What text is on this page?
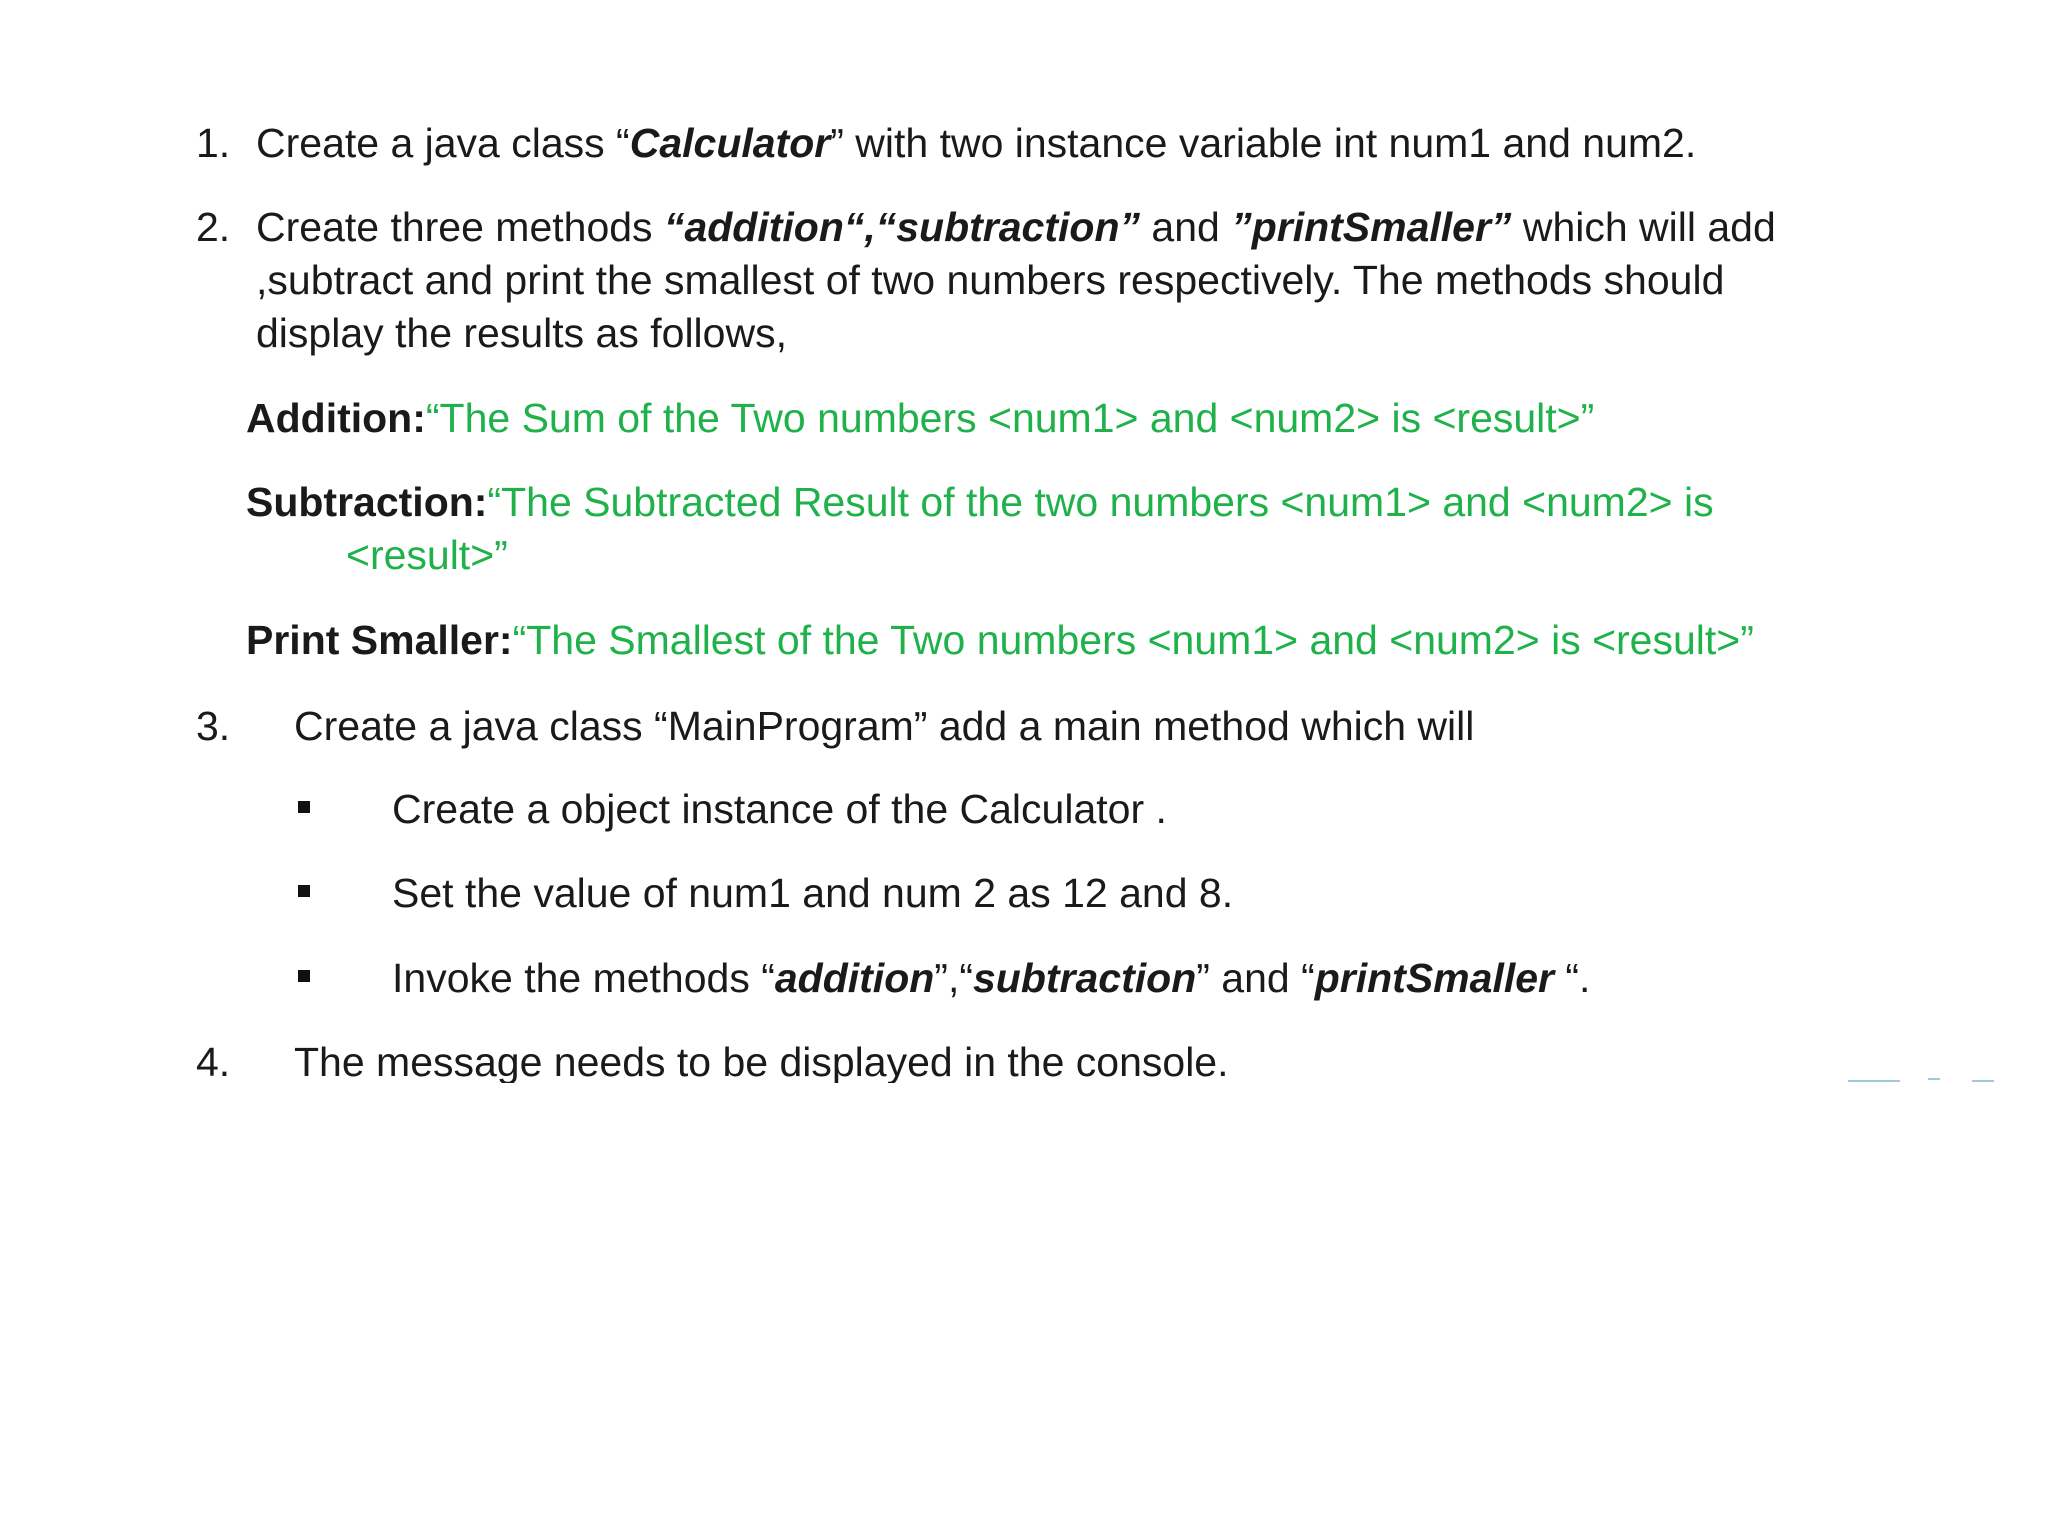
1. Create a java class “Calculator” with two instance variable int num1 and num2.
2. Create three methods “addition“,“subtraction” and ”printSmaller” which will add
,subtract and print the smallest of two numbers respectively. The methods should
display the results as follows,
Addition:“The Sum of the Two numbers <num1> and <num2> is <result>”
Subtraction:“The Subtracted Result of the two numbers <num1> and <num2> is
<result>”
Print Smaller:“The Smallest of the Two numbers <num1> and <num2> is <result>”
3. Create a java class “MainProgram” add a main method which will
Create a object instance of the Calculator .
Set the value of num1 and num 2 as 12 and 8.
Invoke the methods “addition”,“subtraction” and “printSmaller “.
4. The message needs to be displayed in the console.
